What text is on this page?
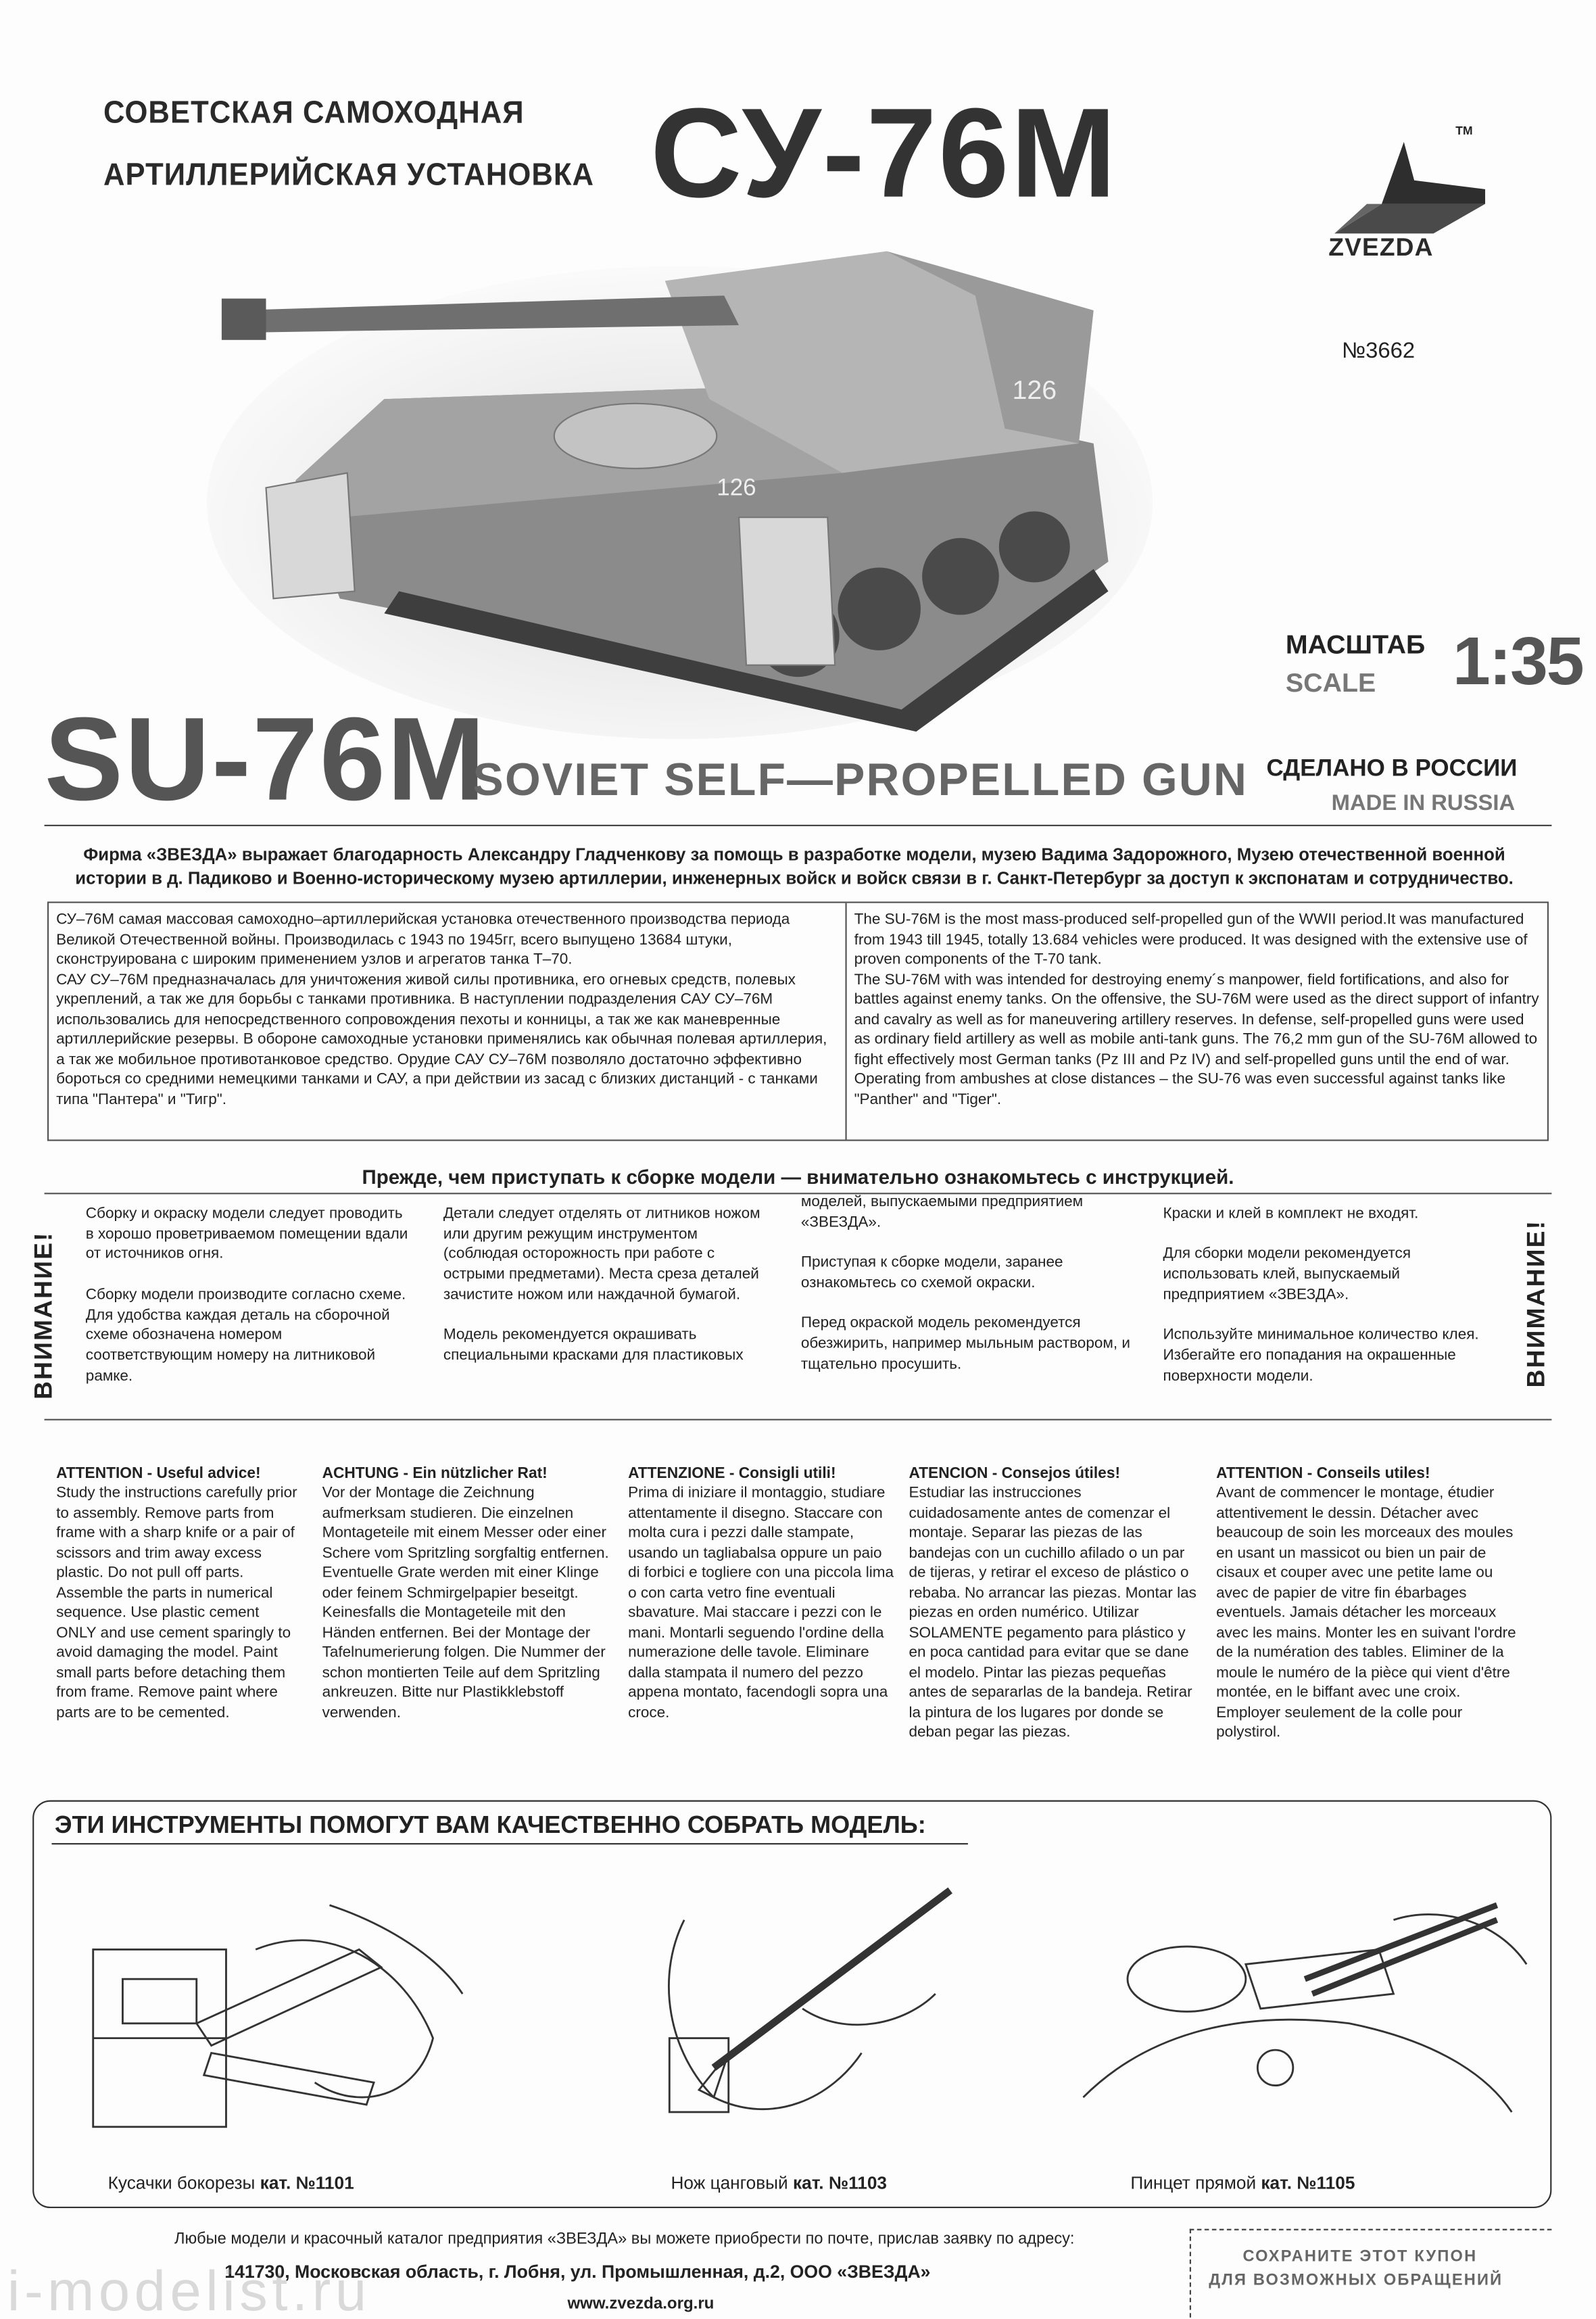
СОВЕТСКАЯ САМОХОДНАЯ
АРТИЛЛЕРИЙСКАЯ УСТАНОВКА СУ-76М
ZVEZDA
TM
№3662
126
126
МАСШТАБ
SCALE 1:35
SU-76M
SOVIET SELF—PROPELLED GUN СДЕЛАНО В РОССИИ
MADE IN RUSSIA
Фирма «ЗВЕЗДА» выражает благодарность Александру Гладченкову за помощь в разработке модели, музею Вадима Задорожного, Музею отечественной военной истории в д. Падиково и Военно-историческому музею артиллерии, инженерных войск и войск связи в г. Санкт-Петербург за доступ к экспонатам и сотрудничество.
СУ–76М самая массовая самоходно–артиллерийская установка отечественного производства периода Великой Отечественной войны. Производилась с 1943 по 1945гг, всего выпущено 13684 штуки, сконструирована с широким применением узлов и агрегатов танка Т–70.
САУ СУ–76М предназначалась для уничтожения живой силы противника, его огневых средств, полевых укреплений, а так же для борьбы с танками противника. В наступлении подразделения САУ СУ–76М использовались для непосредственного сопровождения пехоты и конницы, а так же как маневренные артиллерийские резервы. В обороне самоходные установки применялись как обычная полевая артиллерия, а так же мобильное противотанковое средство. Орудие САУ СУ–76М позволяло достаточно эффективно бороться со средними немецкими танками и САУ, а при действии из засад с близких дистанций - с танками типа "Пантера" и "Тигр".
The SU-76M is the most mass-produced self-propelled gun of the WWII period.It was manufactured from 1943 till 1945, totally 13.684 vehicles were produced. It was designed with the extensive use of proven components of the T-70 tank.
The SU-76M with was intended for destroying enemy´s manpower, field fortifications, and also for battles against enemy tanks. On the offensive, the SU-76M were used as the direct support of infantry and cavalry as well as for maneuvering artillery reserves. In defense, self-propelled guns were used as ordinary field artillery as well as mobile anti-tank guns. The 76,2 mm gun of the SU-76M allowed to fight effectively most German tanks (Pz III and Pz IV) and self-propelled guns until the end of war. Operating from ambushes at close distances – the SU-76 was even successful against tanks like "Panther" and "Tiger".
Прежде, чем приступать к сборке модели — внимательно ознакомьтесь с инструкцией.
ВНИМАНИЕ!	ВНИМАНИЕ!
Сборку и окраску модели следует проводить в хорошо проветриваемом помещении вдали от источников огня.

Сборку модели производите согласно схеме. Для удобства каждая деталь на сборочной схеме обозначена номером соответствующим номеру на литниковой рамке.
Детали следует отделять от литников ножом или другим режущим инструментом (соблюдая осторожность при работе с острыми предметами). Места среза деталей зачистите ножом или наждачной бумагой.

Модель рекомендуется окрашивать специальными красками для пластиковых
моделей, выпускаемыми предприятием «ЗВЕЗДА».

Приступая к сборке модели, заранее ознакомьтесь со схемой окраски.

Перед окраской модель рекомендуется обезжирить, например мыльным раствором, и тщательно просушить.
Краски и клей в комплект не входят.

Для сборки модели рекомендуется использовать клей, выпускаемый предприятием «ЗВЕЗДА».

Используйте минимальное количество клея. Избегайте его попадания на окрашенные поверхности модели.

ATTENTION - Useful advice!
Study the instructions carefully prior to assembly. Remove parts from frame with a sharp knife or a pair of scissors and trim away excess plastic. Do not pull off parts. Assemble the parts in numerical sequence. Use plastic cement ONLY and use cement sparingly to avoid damaging the model. Paint small parts before detaching them from frame. Remove paint where parts are to be cemented.

ACHTUNG - Ein nützlicher Rat!
Vor der Montage die Zeichnung aufmerksam studieren. Die einzelnen Montageteile mit einem Messer oder einer Schere vom Spritzling sorgfaltig entfernen.
Eventuelle Grate werden mit einer Klinge oder feinem Schmirgelpapier beseitgt. Keinesfalls die Montageteile mit den Händen entfernen. Bei der Montage der Tafelnumerierung folgen. Die Nummer der schon montierten Teile auf dem Spritzling ankreuzen. Bitte nur Plastikklebstoff verwenden.

ATTENZIONE - Consigli utili!
Prima di iniziare il montaggio, studiare attentamente il disegno. Staccare con molta cura i pezzi dalle stampate, usando un tagliabalsa oppure un paio di forbici e togliere con una piccola lima o con carta vetro fine eventuali sbavature. Mai staccare i pezzi con le mani. Montarli seguendo l'ordine della numerazione delle tavole. Eliminare dalla stampata il numero del pezzo appena montato, facendogli sopra una croce.

ATENCION - Consejos útiles!
Estudiar las instrucciones cuidadosamente antes de comenzar el montaje. Separar las piezas de las bandejas con un cuchillo afilado o un par de tijeras, y retirar el exceso de plástico o rebaba. No arrancar las piezas. Montar las piezas en orden numérico. Utilizar SOLAMENTE pegamento para plástico y en poca cantidad para evitar que se dane el modelo. Pintar las piezas pequeñas antes de separarlas de la bandeja. Retirar la pintura de los lugares por donde se deban pegar las piezas.

ATTENTION - Conseils utiles!
Avant de commencer le montage, étudier attentivement le dessin. Détacher avec beaucoup de soin les morceaux des moules en usant un massicot ou bien un pair de cisaux et couper avec une petite lame ou avec de papier de vitre fin ébarbages eventuels. Jamais détacher les morceaux avec les mains. Monter les en suivant l'ordre de la numération des tables. Eliminer de la moule le numéro de la pièce qui vient d'être montée, en le biffant avec une croix. Employer seulement de la colle pour polystirol.

ЭТИ ИНСТРУМЕНТЫ ПОМОГУТ ВАМ КАЧЕСТВЕННО СОБРАТЬ МОДЕЛЬ:
Кусачки бокорезы кат. №1101	Нож цанговый кат. №1103	Пинцет прямой кат. №1105
Любые модели и красочный каталог предприятия «ЗВЕЗДА» вы можете приобрести по почте, прислав заявку по адресу:
141730, Московская область, г. Лобня, ул. Промышленная, д.2, ООО «ЗВЕЗДА»
www.zvezda.org.ru
СОХРАНИТЕ ЭТОТ КУПОН
ДЛЯ ВОЗМОЖНЫХ ОБРАЩЕНИЙ
i-modelist.ru
